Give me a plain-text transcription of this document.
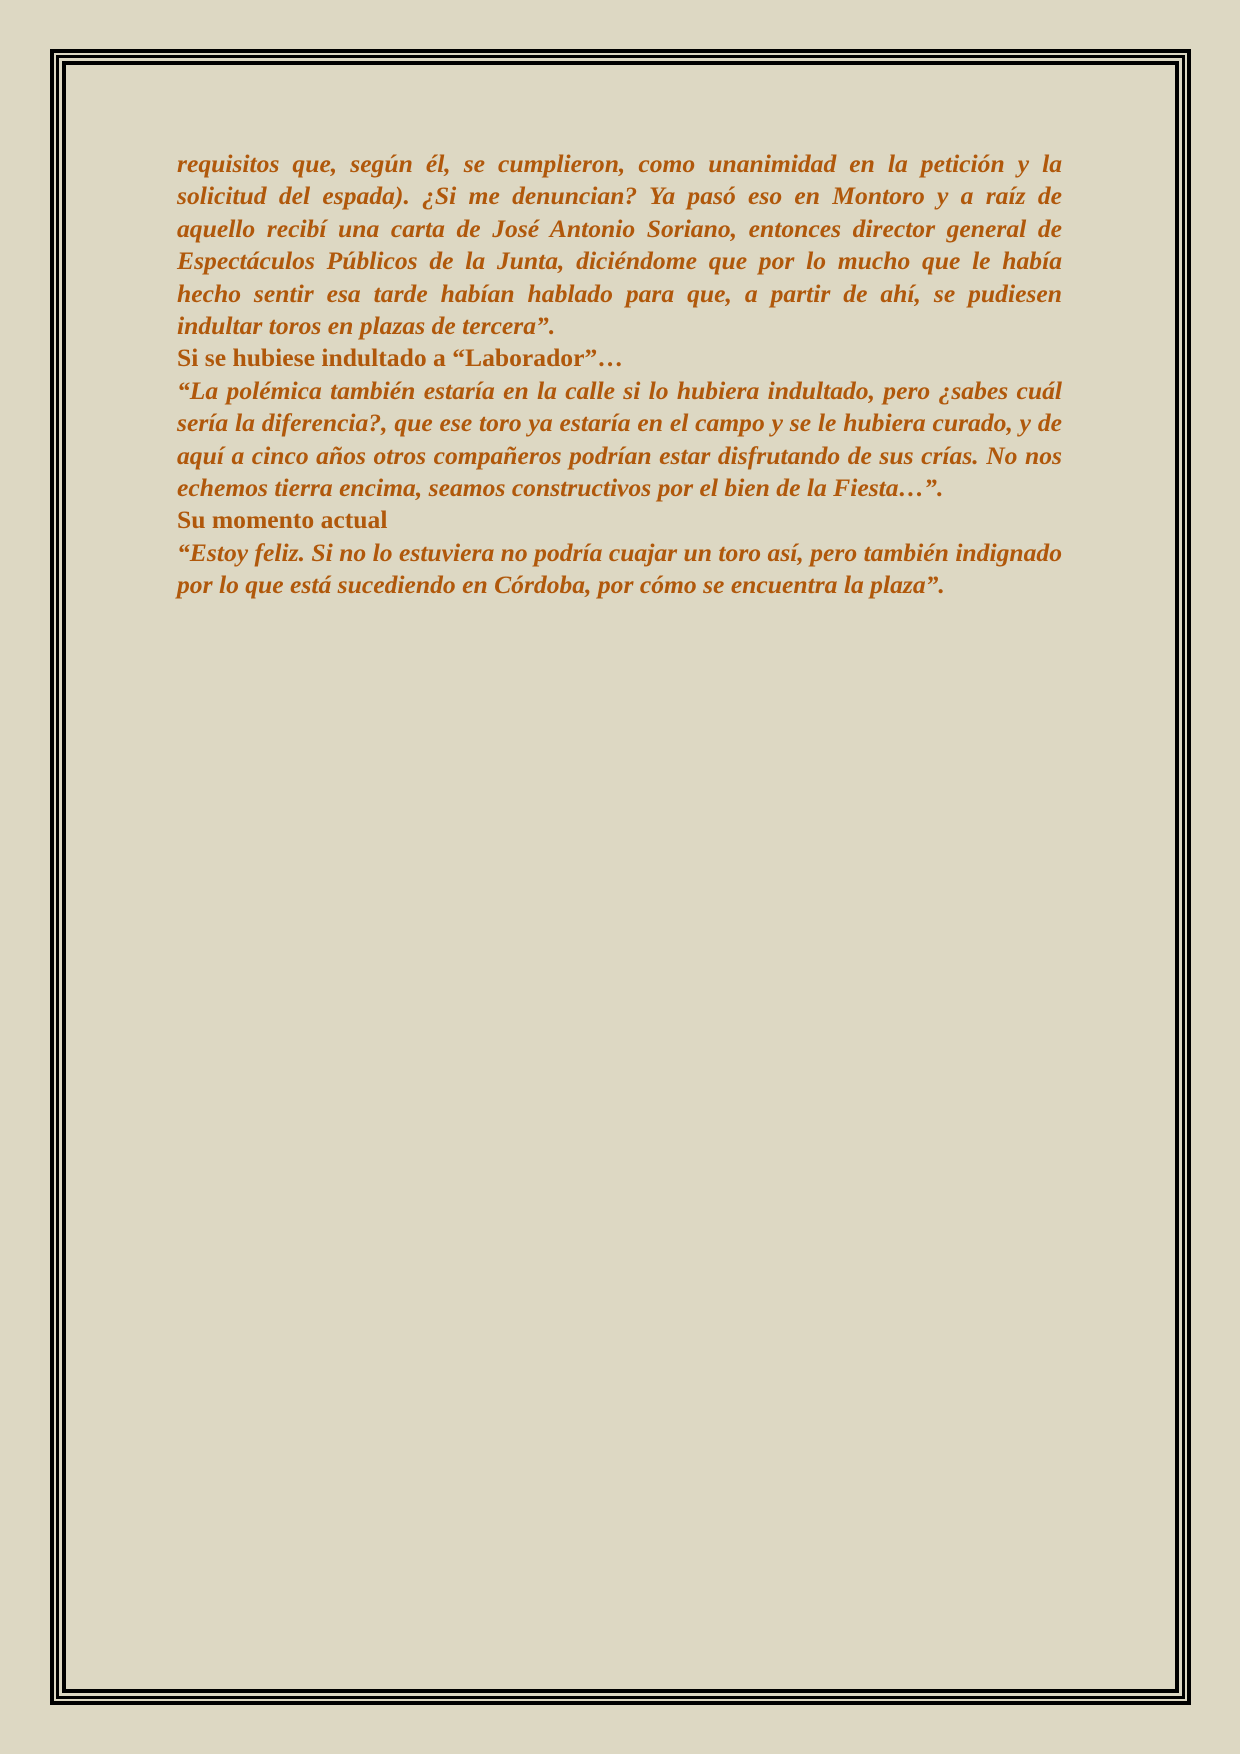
requisitos que, según él, se cumplieron, como unanimidad en la petición y la solicitud del espada). ¿Si me denuncian? Ya pasó eso en Montoro y a raíz de aquello recibí una carta de José Antonio Soriano, entonces director general de Espectáculos Públicos de la Junta, diciéndome que por lo mucho que le había hecho sentir esa tarde habían hablado para que, a partir de ahí, se pudiesen indultar toros en plazas de tercera”.

Si se hubiese indultado a “Laborador”…

“La polémica también estaría en la calle si lo hubiera indultado, pero ¿sabes cuál sería la diferencia?, que ese toro ya estaría en el campo y se le hubiera curado, y de aquí a cinco años otros compañeros podrían estar disfrutando de sus crías. No nos echemos tierra encima, seamos constructivos por el bien de la Fiesta…”.

Su momento actual

“Estoy feliz. Si no lo estuviera no podría cuajar un toro así, pero también indignado por lo que está sucediendo en Córdoba, por cómo se encuentra la plaza”.
